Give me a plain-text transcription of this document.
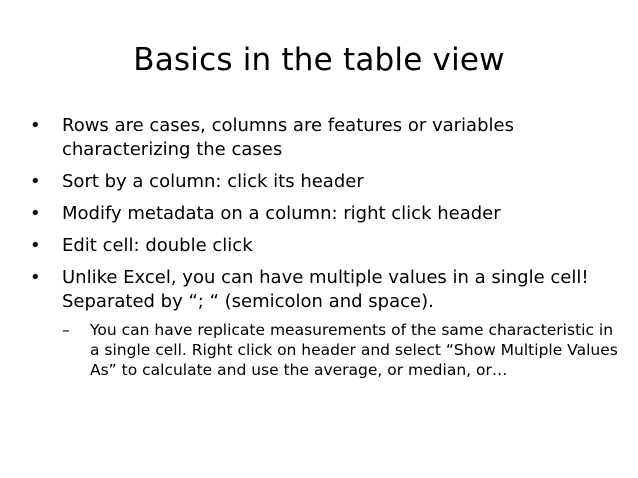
Basics in the table view
•	Rows are cases, columns are features or variables characterizing the cases
•	Sort by a column: click its header
•	Modify metadata on a column: right click header
•	Edit cell: double click
•	Unlike Excel, you can have multiple values in a single cell! Separated by “; “ (semicolon and space).
–	You can have replicate measurements of the same characteristic in a single cell. Right click on header and select “Show Multiple Values As” to calculate and use the average, or median, or…
